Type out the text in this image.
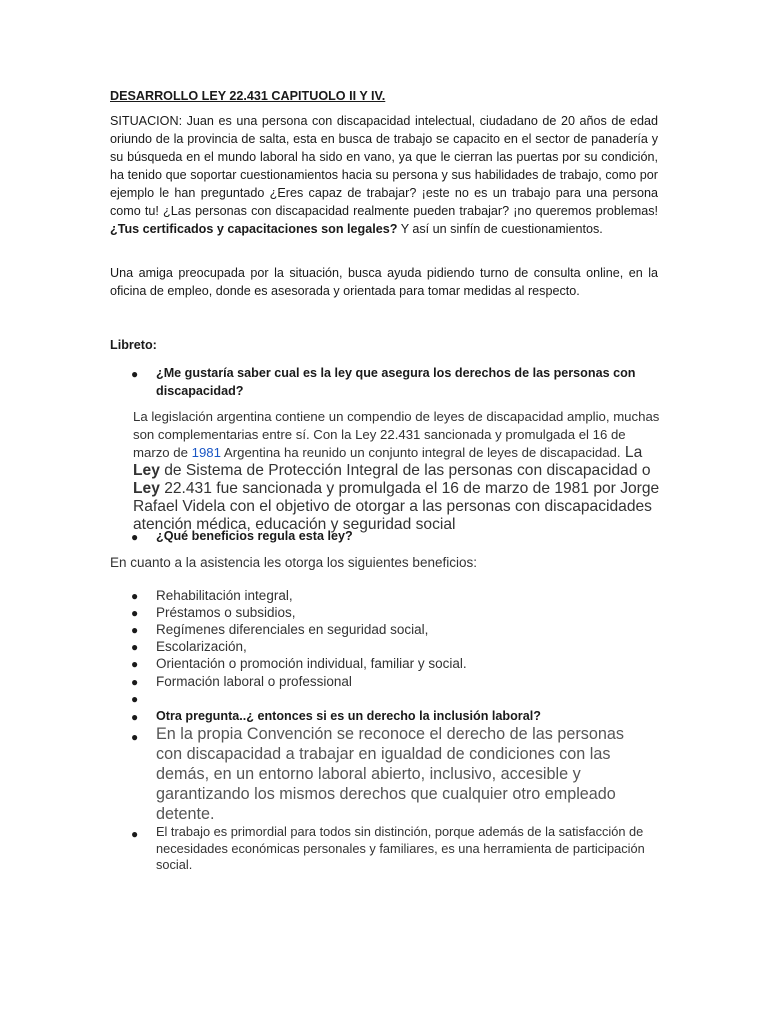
DESARROLLO LEY 22.431 CAPITUOLO II Y IV.

SITUACION: Juan es una persona con discapacidad intelectual, ciudadano de 20 años de edad oriundo de la provincia de salta, esta en busca de trabajo se capacito en el sector de panadería y su búsqueda en el mundo laboral ha sido en vano, ya que le cierran las puertas por su condición, ha tenido que soportar cuestionamientos hacia su persona y sus habilidades de trabajo, como por ejemplo le han preguntado ¿Eres capaz de trabajar? ¡este no es un trabajo para una persona como tu! ¿Las personas con discapacidad realmente pueden trabajar? ¡no queremos problemas! ¿Tus certificados y capacitaciones son legales? Y así un sinfín de cuestionamientos.

Una amiga preocupada por la situación, busca ayuda pidiendo turno de consulta online, en la oficina de empleo, donde es asesorada y orientada para tomar medidas al respecto.

Libreto:

● ¿Me gustaría saber cual es la ley que asegura los derechos de las personas con discapacidad?

La legislación argentina contiene un compendio de leyes de discapacidad amplio, muchas son complementarias entre sí. Con la Ley 22.431 sancionada y promulgada el 16 de marzo de 1981 Argentina ha reunido un conjunto integral de leyes de discapacidad. La Ley de Sistema de Protección Integral de las personas con discapacidad o Ley 22.431 fue sancionada y promulgada el 16 de marzo de 1981 por Jorge Rafael Videla con el objetivo de otorgar a las personas con discapacidades atención médica, educación y seguridad social

● ¿Qué beneficios regula esta ley?

En cuanto a la asistencia les otorga los siguientes beneficios:

● Rehabilitación integral,
● Préstamos o subsidios,
● Regímenes diferenciales en seguridad social,
● Escolarización,
● Orientación o promoción individual, familiar y social.
● Formación laboral o professional
●
● Otra pregunta..¿ entonces si es un derecho la inclusión laboral?

● En la propia Convención se reconoce el derecho de las personas con discapacidad a trabajar en igualdad de condiciones con las demás, en un entorno laboral abierto, inclusivo, accesible y garantizando los mismos derechos que cualquier otro empleado detente.

● El trabajo es primordial para todos sin distinción, porque además de la satisfacción de necesidades económicas personales y familiares, es una herramienta de participación social.
